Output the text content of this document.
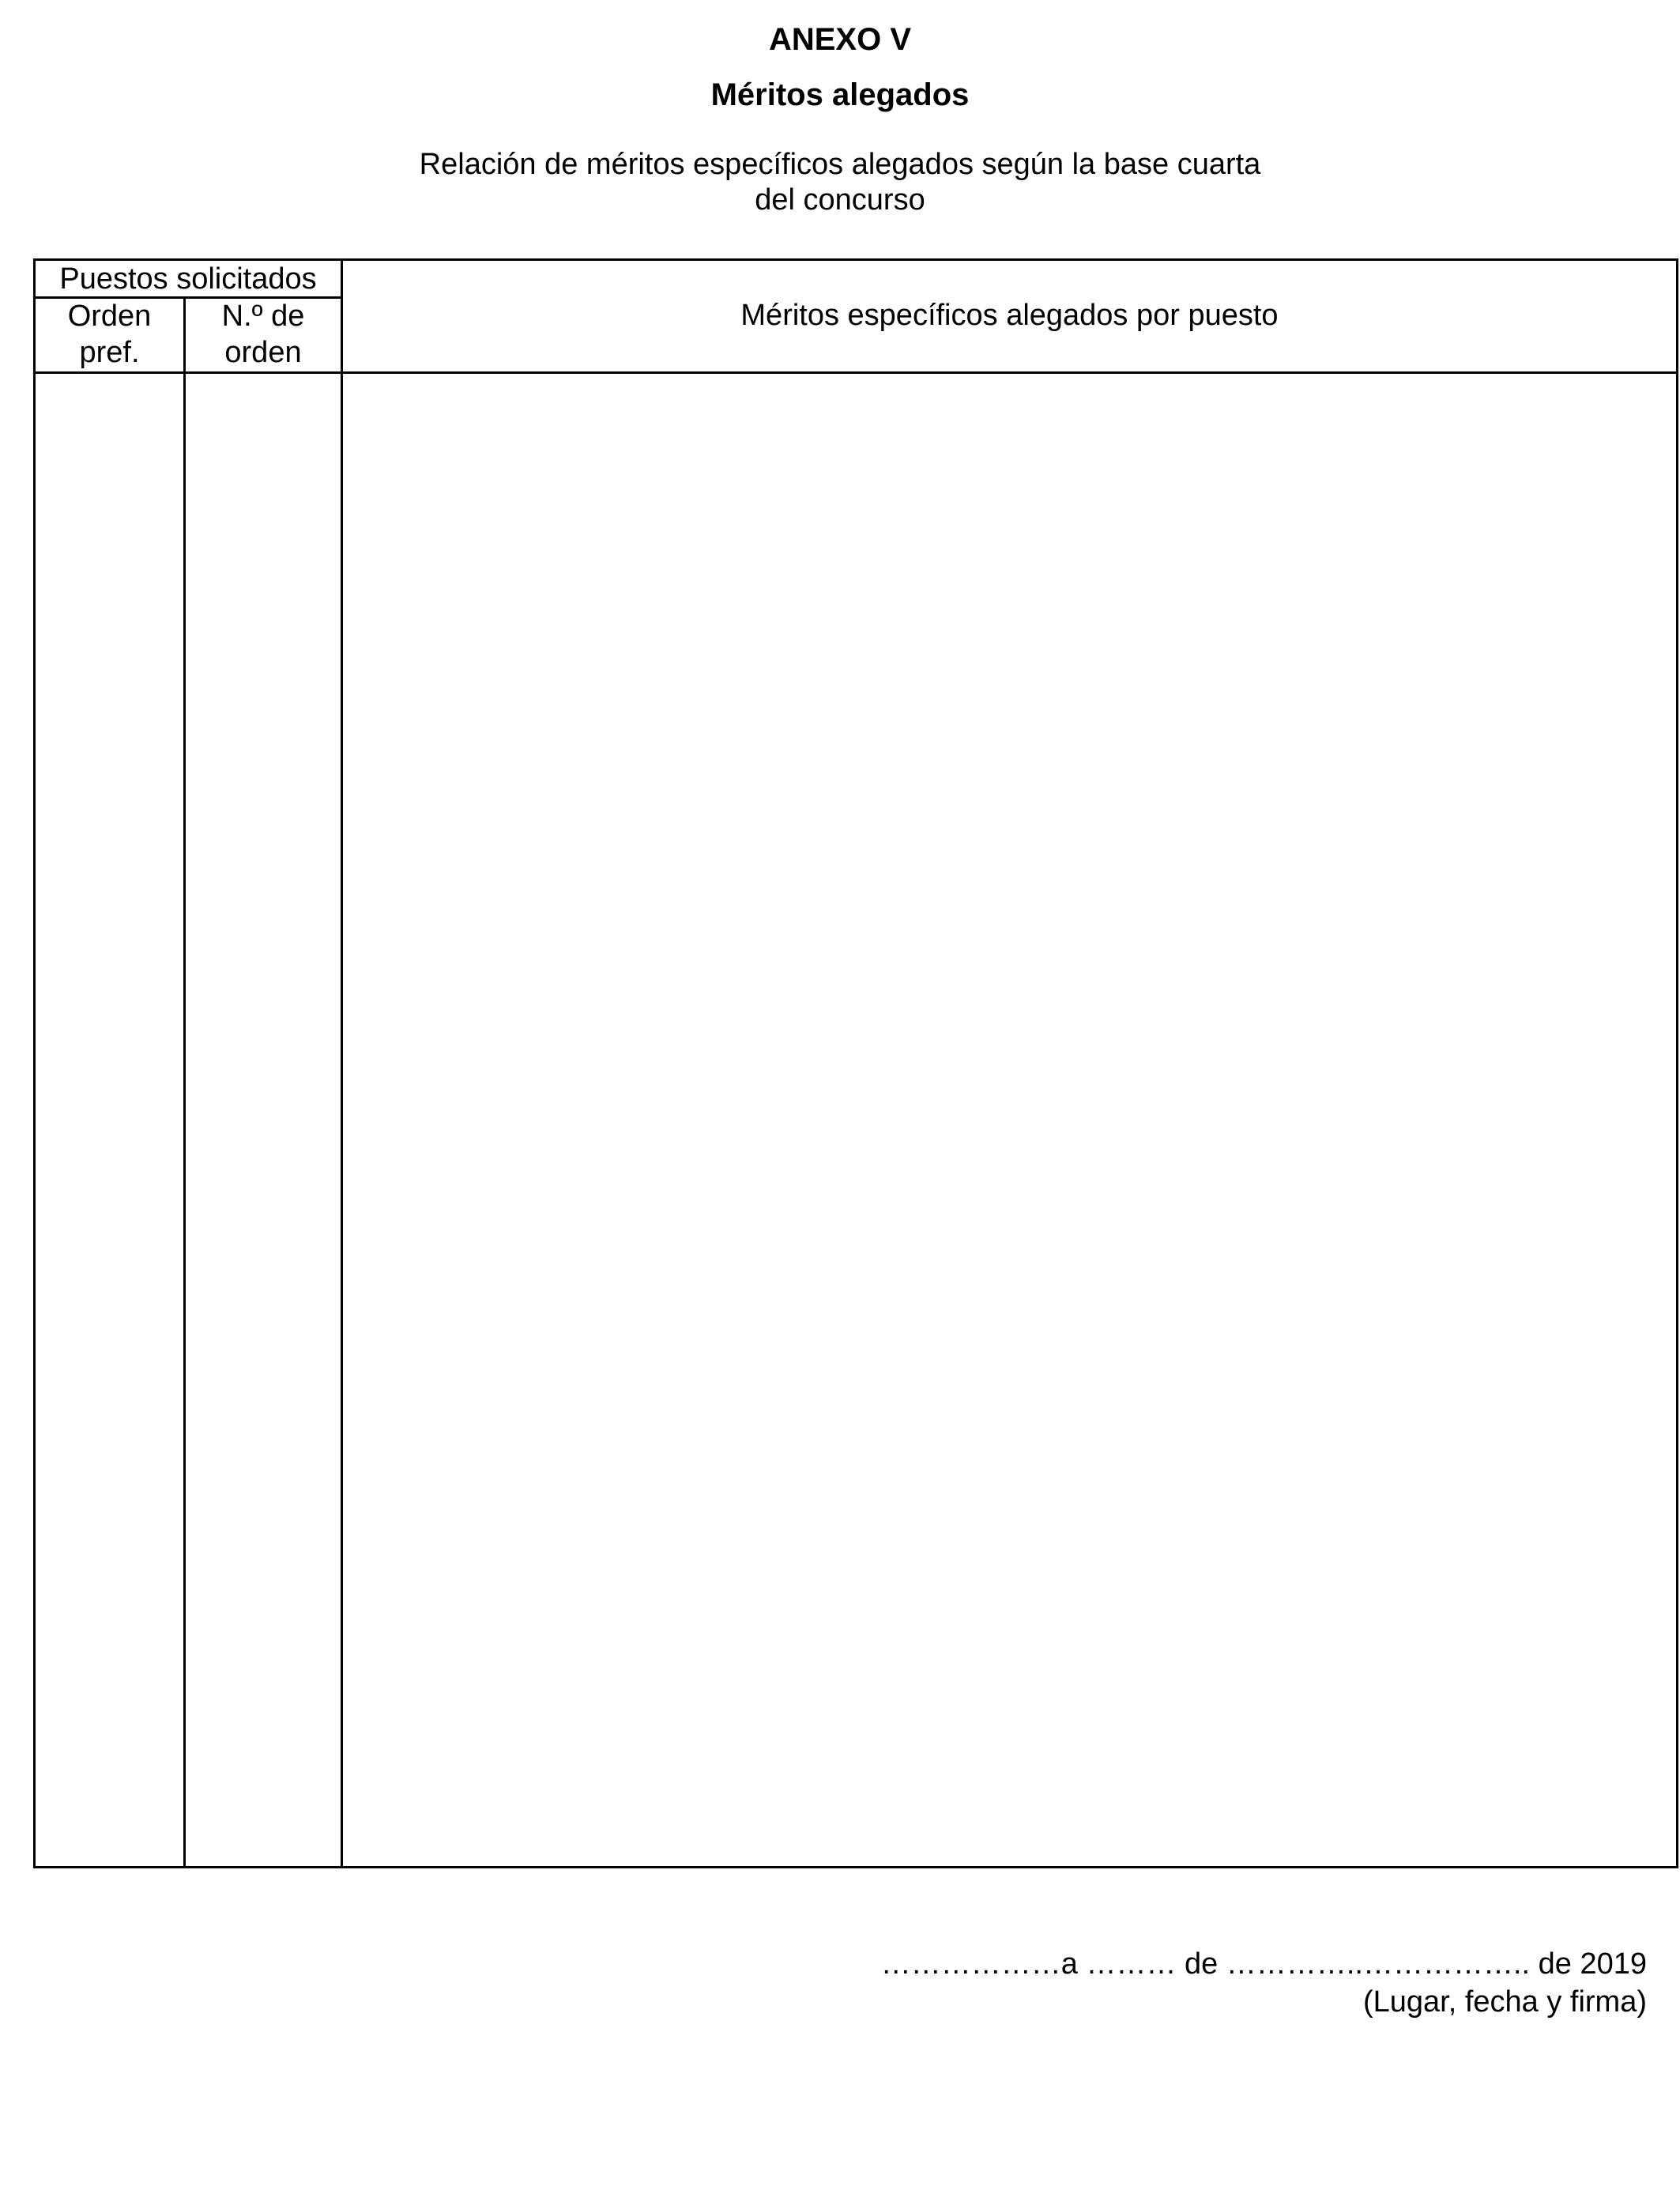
ANEXO V
Méritos alegados
Relación de méritos específicos alegados según la base cuarta
del concurso
Puestos solicitados
Orden
pref.
N.º de
orden
Méritos específicos alegados por puesto
………………a ……… de …………..…………….. de 2019
(Lugar, fecha y firma)
